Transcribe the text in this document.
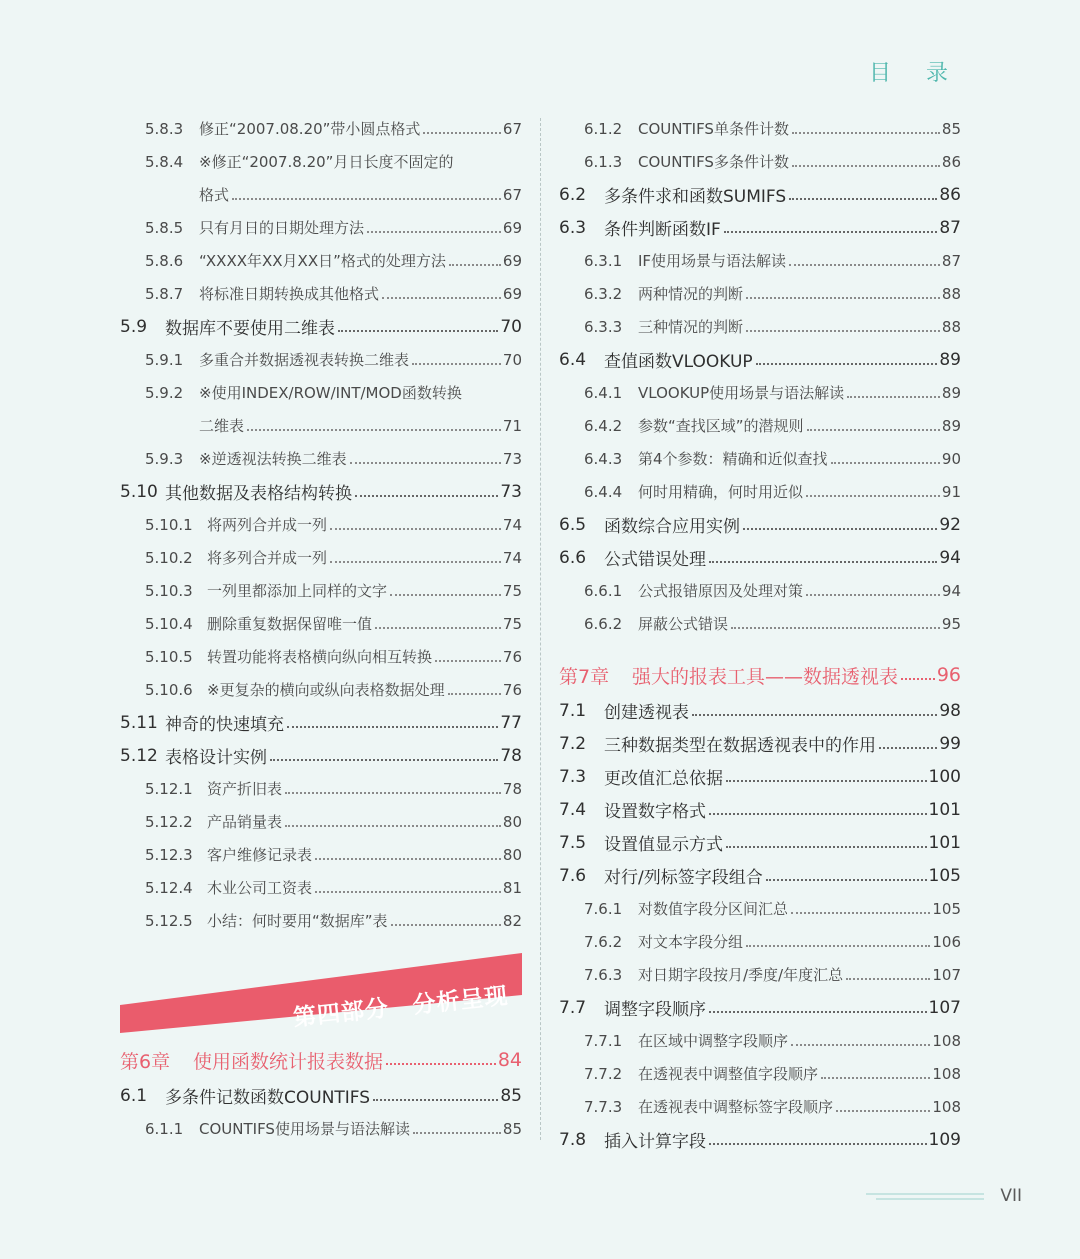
目 录
5.8.3	修正“2007.08.20”带小圆点格式	67
5.8.4	※修正“2007.8.20”月日长度不固定的
格式	67
5.8.5	只有月日的日期处理方法	69
5.8.6	“XXXX年XX月XX日”格式的处理方法	69
5.8.7	将标准日期转换成其他格式	69
5.9	数据库不要使用二维表	70
5.9.1	多重合并数据透视表转换二维表	70
5.9.2	※使用INDEX/ROW/INT/MOD函数转换
二维表	71
5.9.3	※逆透视法转换二维表	73
5.10 其他数据及表格结构转换	73
5.10.1 将两列合并成一列	74
5.10.2 将多列合并成一列	74
5.10.3 一列里都添加上同样的文字	75
5.10.4 删除重复数据保留唯一值	75
5.10.5 转置功能将表格横向纵向相互转换	76
5.10.6 ※更复杂的横向或纵向表格数据处理	76
5.11 神奇的快速填充	77
5.12 表格设计实例	78
5.12.1 资产折旧表	78
5.12.2 产品销量表	80
5.12.3 客户维修记录表	80
5.12.4 木业公司工资表	81
5.12.5 小结：何时要用“数据库”表	82
第四部分　分析呈现
第6章	使用函数统计报表数据	84
6.1	多条件记数函数COUNTIFS	85
6.1.1	COUNTIFS使用场景与语法解读	85
6.1.2	COUNTIFS单条件计数	85
6.1.3	COUNTIFS多条件计数	86
6.2	多条件求和函数SUMIFS	86
6.3	条件判断函数IF	87
6.3.1	IF使用场景与语法解读	87
6.3.2	两种情况的判断	88
6.3.3	三种情况的判断	88
6.4	查值函数VLOOKUP	89
6.4.1	VLOOKUP使用场景与语法解读	89
6.4.2	参数“查找区域”的潜规则	89
6.4.3	第4个参数：精确和近似查找	90
6.4.4	何时用精确，何时用近似	91
6.5	函数综合应用实例	92
6.6	公式错误处理	94
6.6.1	公式报错原因及处理对策	94
6.6.2	屏蔽公式错误	95
第7章	强大的报表工具——数据透视表 96
7.1	创建透视表	98
7.2	三种数据类型在数据透视表中的作用	99
7.3	更改值汇总依据	100
7.4	设置数字格式	101
7.5	设置值显示方式	101
7.6	对行/列标签字段组合	105
7.6.1	对数值字段分区间汇总	105
7.6.2	对文本字段分组	106
7.6.3	对日期字段按月/季度/年度汇总	107
7.7	调整字段顺序	107
7.7.1	在区域中调整字段顺序	108
7.7.2	在透视表中调整值字段顺序	108
7.7.3	在透视表中调整标签字段顺序	108
7.8	插入计算字段	109
VII
